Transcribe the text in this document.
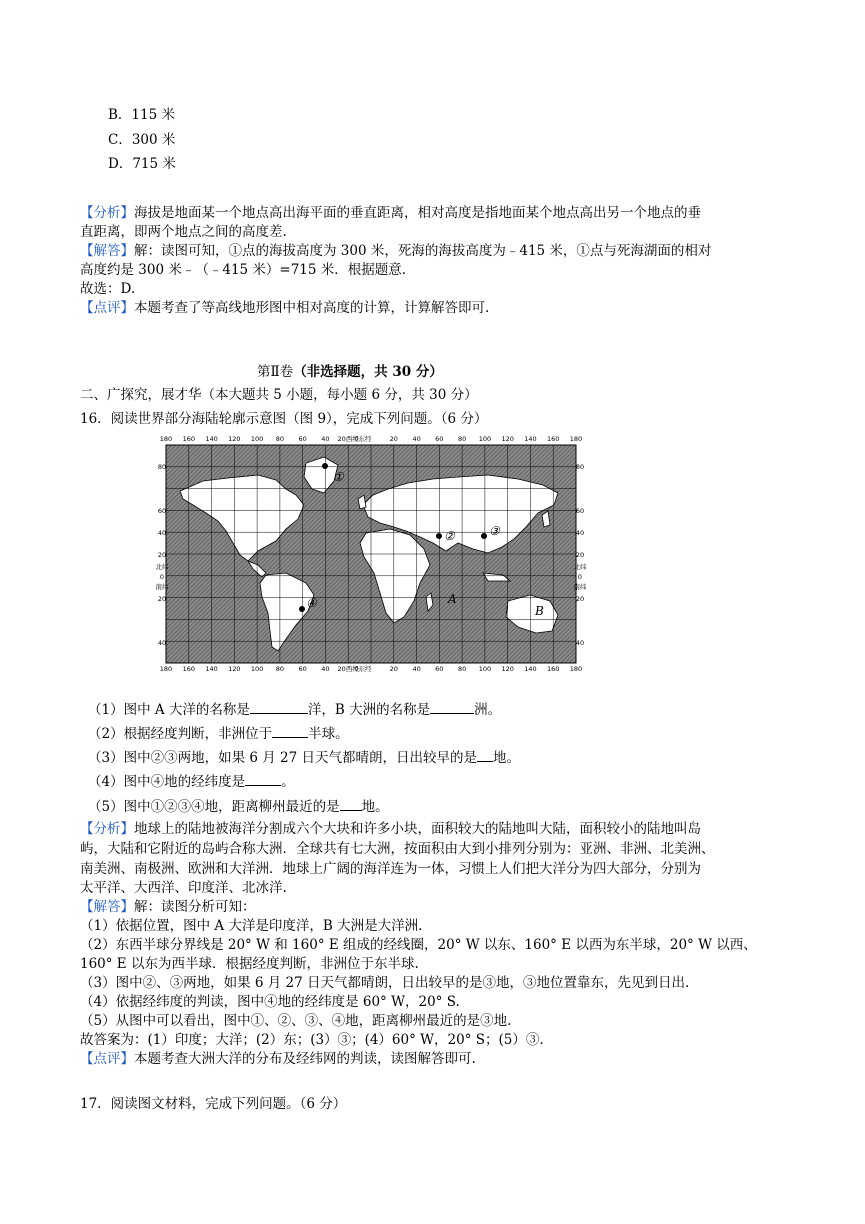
B．115 米
C．300 米
D．715 米
【分析】海拔是地面某一个地点高出海平面的垂直距离，相对高度是指地面某个地点高出另一个地点的垂
直距离，即两个地点之间的高度差.
【解答】解：读图可知，①点的海拔高度为 300 米，死海的海拔高度为﹣415 米，①点与死海湖面的相对
高度约是 300 米﹣（﹣415 米）=715 米．根据题意.
故选：D.
【点评】本题考查了等高线地形图中相对高度的计算，计算解答即可.
第Ⅱ卷（非选择题，共 30 分）
二、广探究，展才华（本大题共 5 小题，每小题 6 分，共 30 分）
16．阅读世界部分海陆轮廓示意图（图 9），完成下列问题。（6 分）
180 160 140 120 100 80 60 40 20西经
0东经	20 40 60 80 100 120 140 160 180
180 160 140 120 100 80 60 40 20西经
0东经	20 40 60 80 100 120 140 160 180
80
60
40
20
北纬
0
南纬
20
40
80
60
40
20
北纬
0
南纬
20
40
①
②	③
④	A
B
（1）图中 A 大洋的名称是	洋，B 大洲的名称是	洲。
（2）根据经度判断，非洲位于	半球。
（3）图中②③两地，如果 6 月 27 日天气都晴朗，日出较早的是 地。
（4）图中④地的经纬度是	。
（5）图中①②③④地，距离柳州最近的是 地。
【分析】地球上的陆地被海洋分割成六个大块和许多小块，面积较大的陆地叫大陆，面积较小的陆地叫岛
屿，大陆和它附近的岛屿合称大洲．全球共有七大洲，按面积由大到小排列分别为：亚洲、非洲、北美洲、
南美洲、南极洲、欧洲和大洋洲．地球上广阔的海洋连为一体，习惯上人们把大洋分为四大部分，分别为
太平洋、大西洋、印度洋、北冰洋.
【解答】解：读图分析可知：
（1）依据位置，图中 A 大洋是印度洋，B 大洲是大洋洲.
（2）东西半球分界线是 20° W 和 160° E 组成的经线圈，20° W 以东、160° E 以西为东半球，20° W 以西、
160° E 以东为西半球．根据经度判断，非洲位于东半球.
（3）图中②、③两地，如果 6 月 27 日天气都晴朗，日出较早的是③地，③地位置靠东，先见到日出.
（4）依据经纬度的判读，图中④地的经纬度是 60° W，20° S.
（5）从图中可以看出，图中①、②、③、④地，距离柳州最近的是③地.
故答案为：(1）印度；大洋；(2）东；(3）③；(4）60° W，20° S；(5）③.
【点评】本题考查大洲大洋的分布及经纬网的判读，读图解答即可.
17．阅读图文材料，完成下列问题。（6 分）
